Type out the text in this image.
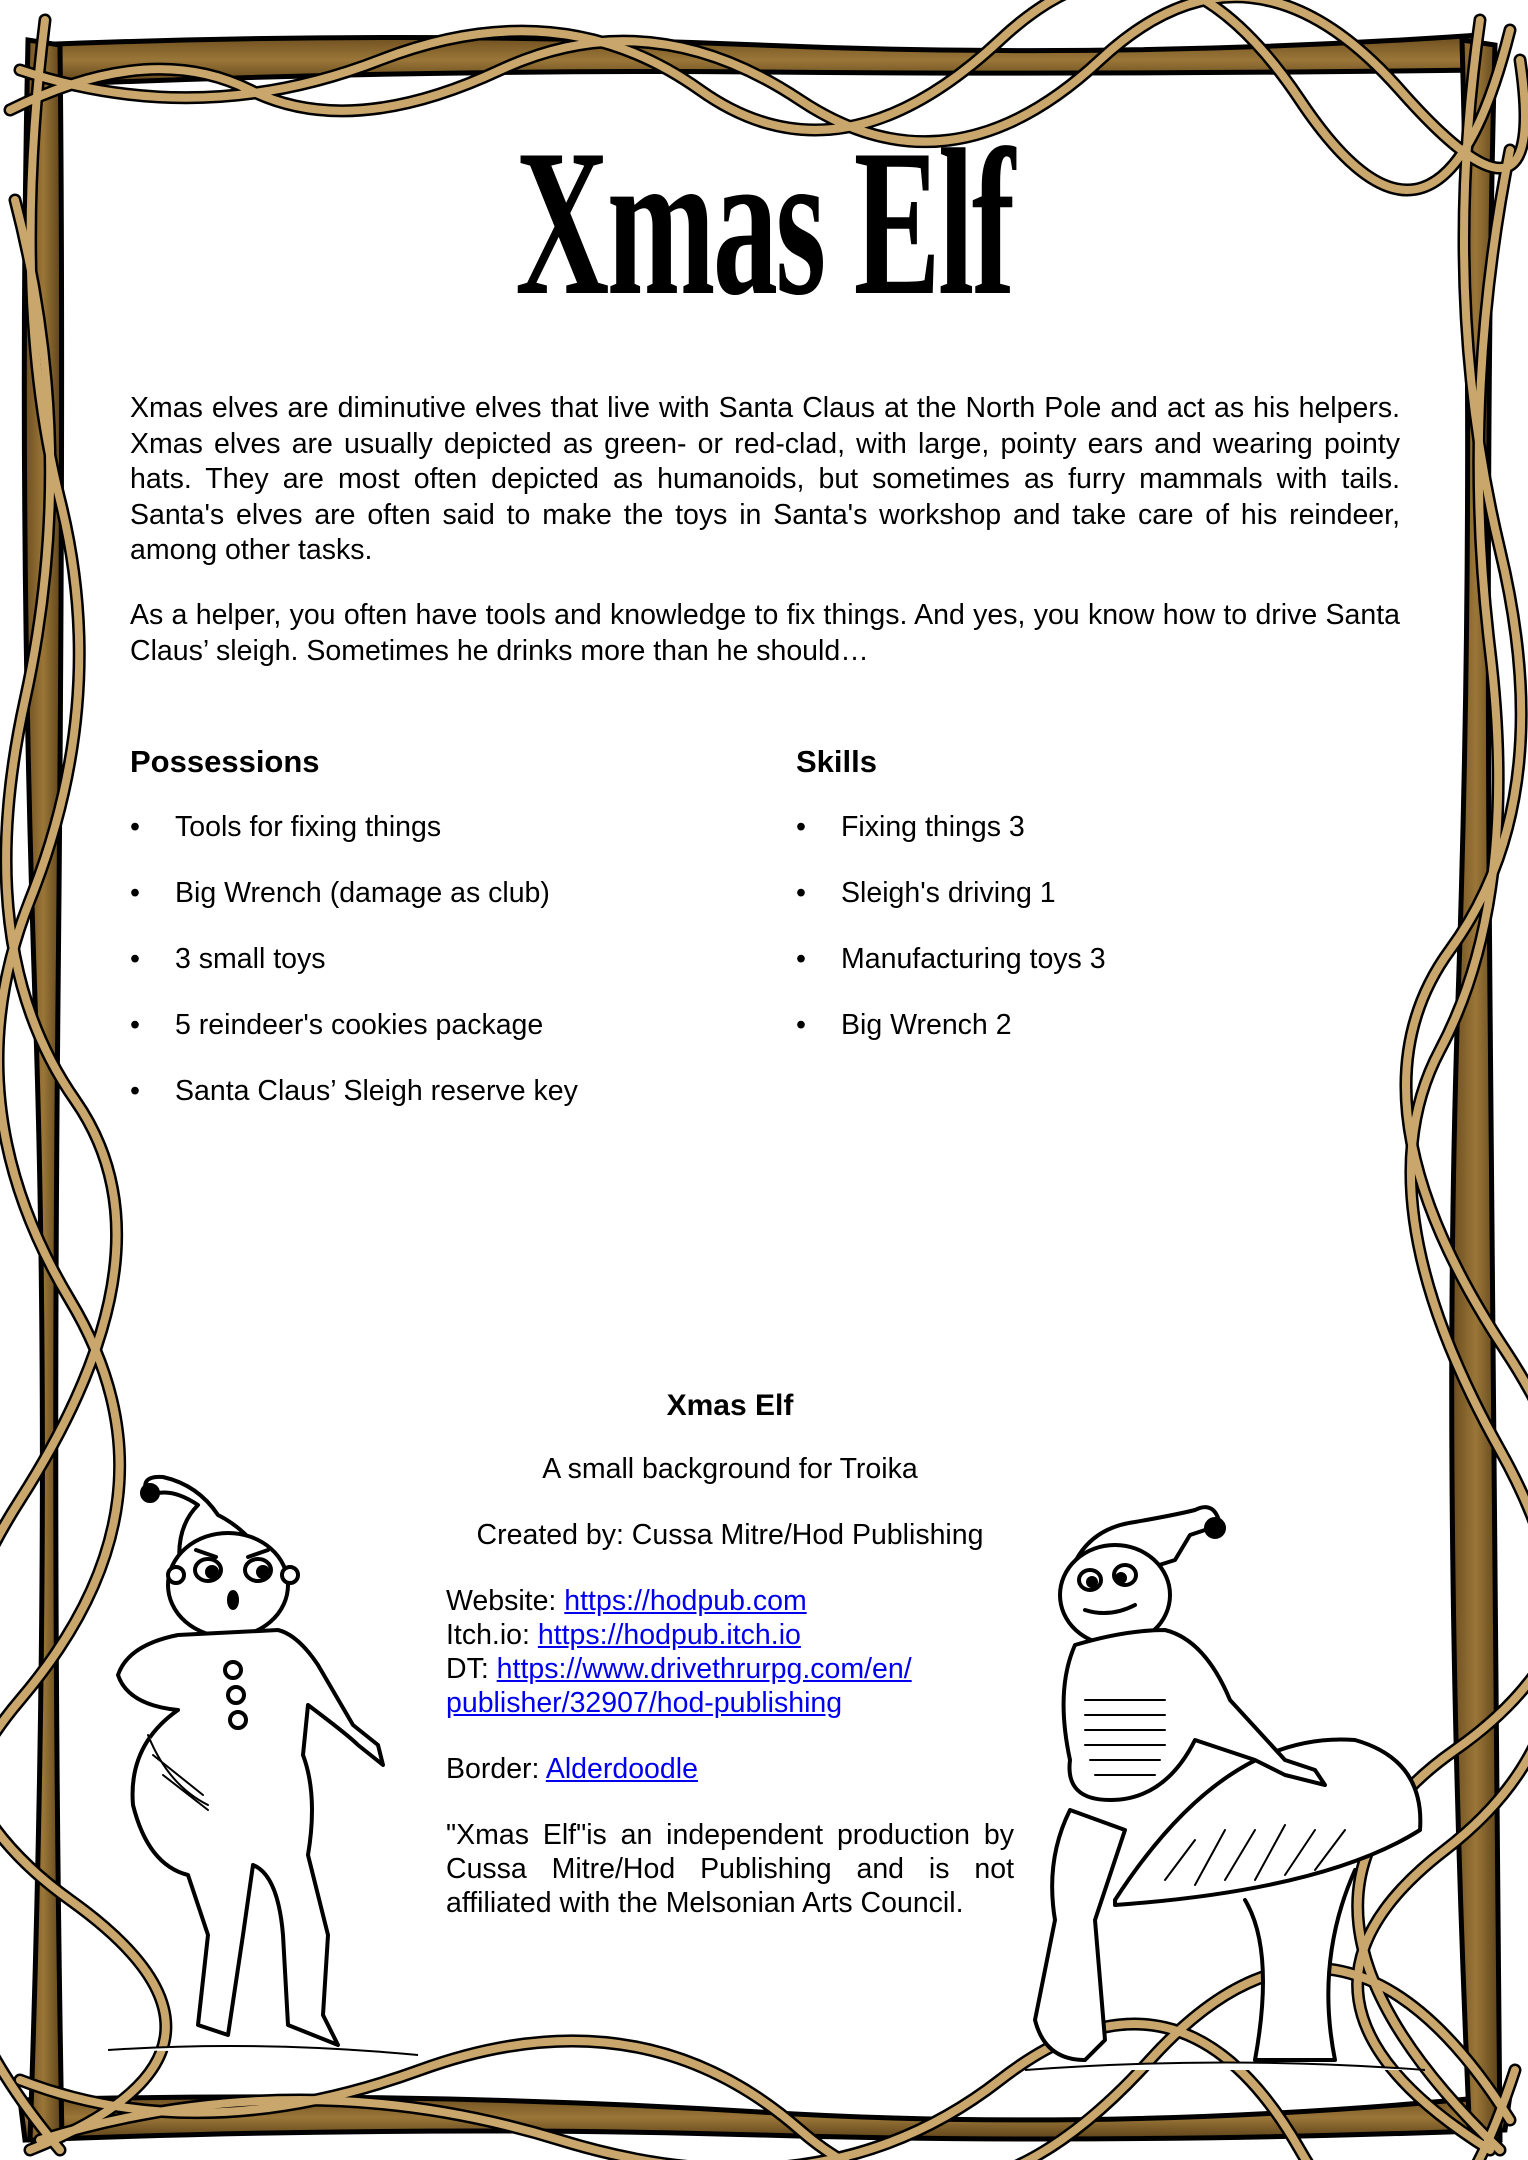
Xmas Elf

Xmas elves are diminutive elves that live with Santa Claus at the North Pole and act as his helpers. Xmas elves are usually depicted as green- or red-clad, with large, pointy ears and wearing pointy hats. They are most often depicted as humanoids, but sometimes as furry mammals with tails. Santa's elves are often said to make the toys in Santa's workshop and take care of his reindeer, among other tasks.

As a helper, you often have tools and knowledge to fix things. And yes, you know how to drive Santa Claus’ sleigh. Sometimes he drinks more than he should…

Possessions
• Tools for fixing things
• Big Wrench (damage as club)
• 3 small toys
• 5 reindeer's cookies package
• Santa Claus’ Sleigh reserve key
Skills
• Fixing things 3
• Sleigh's driving 1
• Manufacturing toys 3
• Big Wrench 2
Xmas Elf
A small background for Troika
Created by: Cussa Mitre/Hod Publishing
Website: https://hodpub.com
Itch.io: https://hodpub.itch.io
DT: https://www.drivethrurpg.com/en/ publisher/32907/hod-publishing
Border: Alderdoodle
"Xmas Elf"is an independent production by Cussa Mitre/Hod Publishing and is not affiliated with the Melsonian Arts Council.
